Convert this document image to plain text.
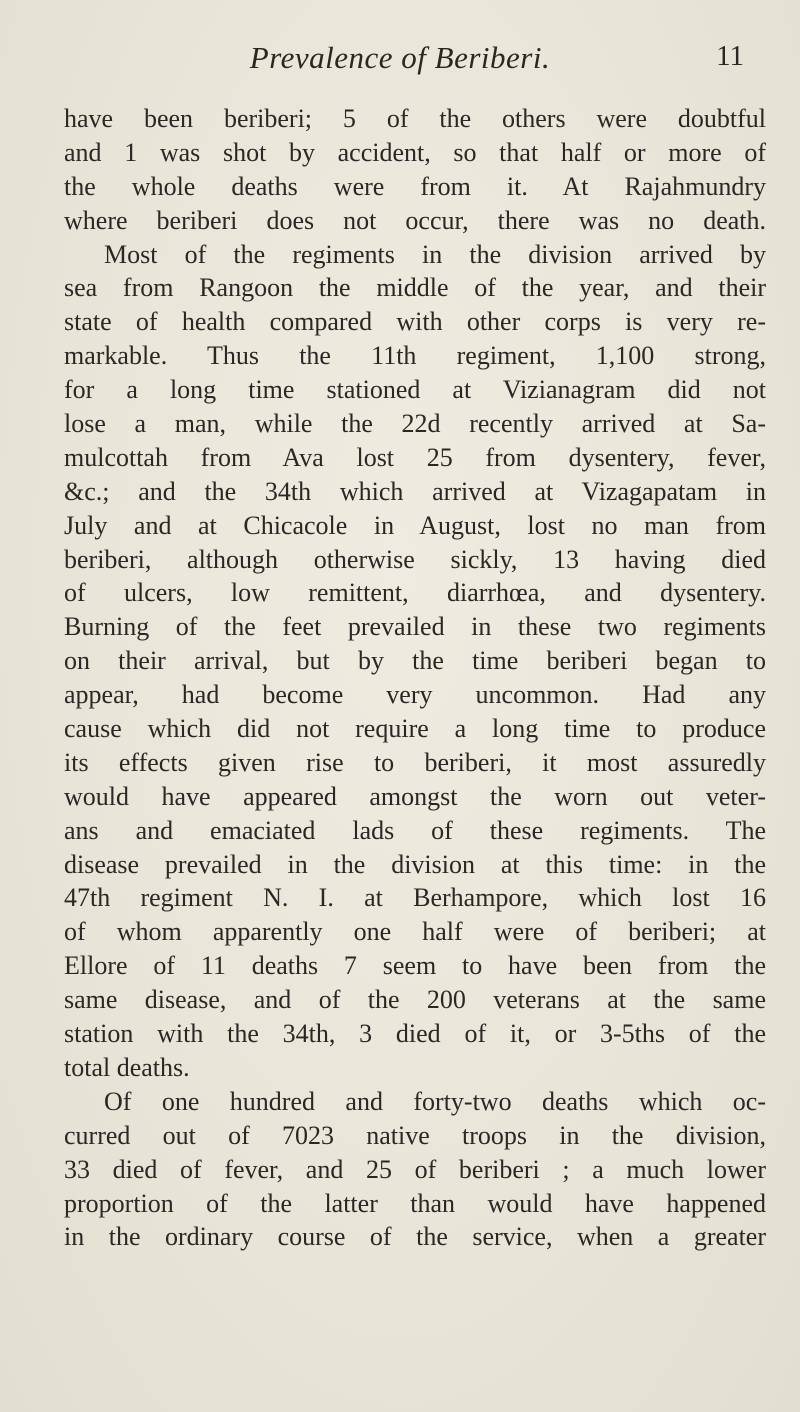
Prevalence of Beriberi.	11
have been beriberi; 5 of the others were doubtful
and 1 was shot by accident, so that half or more of
the whole deaths were from it. At Rajahmundry
where beriberi does not occur, there was no death.
Most of the regiments in the division arrived by
sea from Rangoon the middle of the year, and their
state of health compared with other corps is very re-
markable. Thus the 11th regiment, 1,100 strong,
for a long time stationed at Vizianagram did not
lose a man, while the 22d recently arrived at Sa-
mulcottah from Ava lost 25 from dysentery, fever,
&c.; and the 34th which arrived at Vizagapatam in
July and at Chicacole in August, lost no man from
beriberi, although otherwise sickly, 13 having died
of ulcers, low remittent, diarrhœa, and dysentery.
Burning of the feet prevailed in these two regiments
on their arrival, but by the time beriberi began to
appear, had become very uncommon. Had any
cause which did not require a long time to produce
its effects given rise to beriberi, it most assuredly
would have appeared amongst the worn out veter-
ans and emaciated lads of these regiments. The
disease prevailed in the division at this time: in the
47th regiment N. I. at Berhampore, which lost 16
of whom apparently one half were of beriberi; at
Ellore of 11 deaths 7 seem to have been from the
same disease, and of the 200 veterans at the same
station with the 34th, 3 died of it, or 3-5ths of the
total deaths.
Of one hundred and forty-two deaths which oc-
curred out of 7023 native troops in the division,
33 died of fever, and 25 of beriberi ; a much lower
proportion of the latter than would have happened
in the ordinary course of the service, when a greater
